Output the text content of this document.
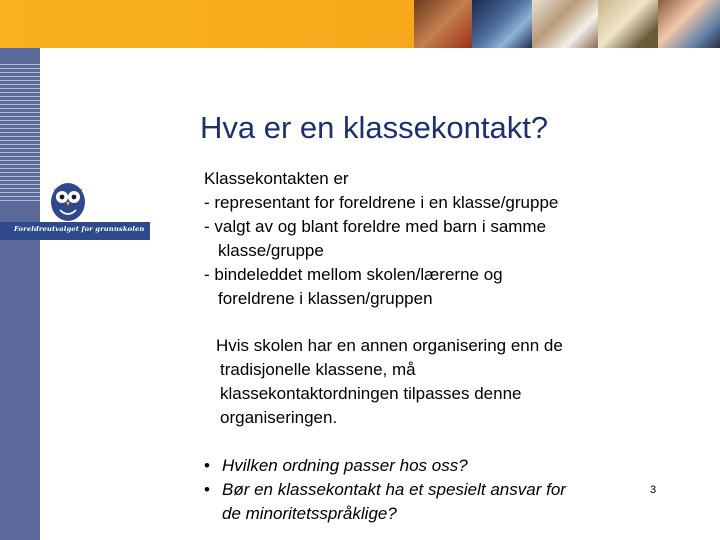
Foreldreutvalget for grunnskolen
Hva er en klassekontakt?
Klassekontakten er
- representant for foreldrene i en klasse/gruppe
- valgt av og blant foreldre med barn i samme
klasse/gruppe
- bindeleddet mellom skolen/lærerne og
foreldrene i klassen/gruppen
Hvis skolen har en annen organisering enn de
tradisjonelle klassene, må
klassekontaktordningen tilpasses denne
organiseringen.
• Hvilken ordning passer hos oss?
• Bør en klassekontakt ha et spesielt ansvar for
de minoritetsspråklige?
3
